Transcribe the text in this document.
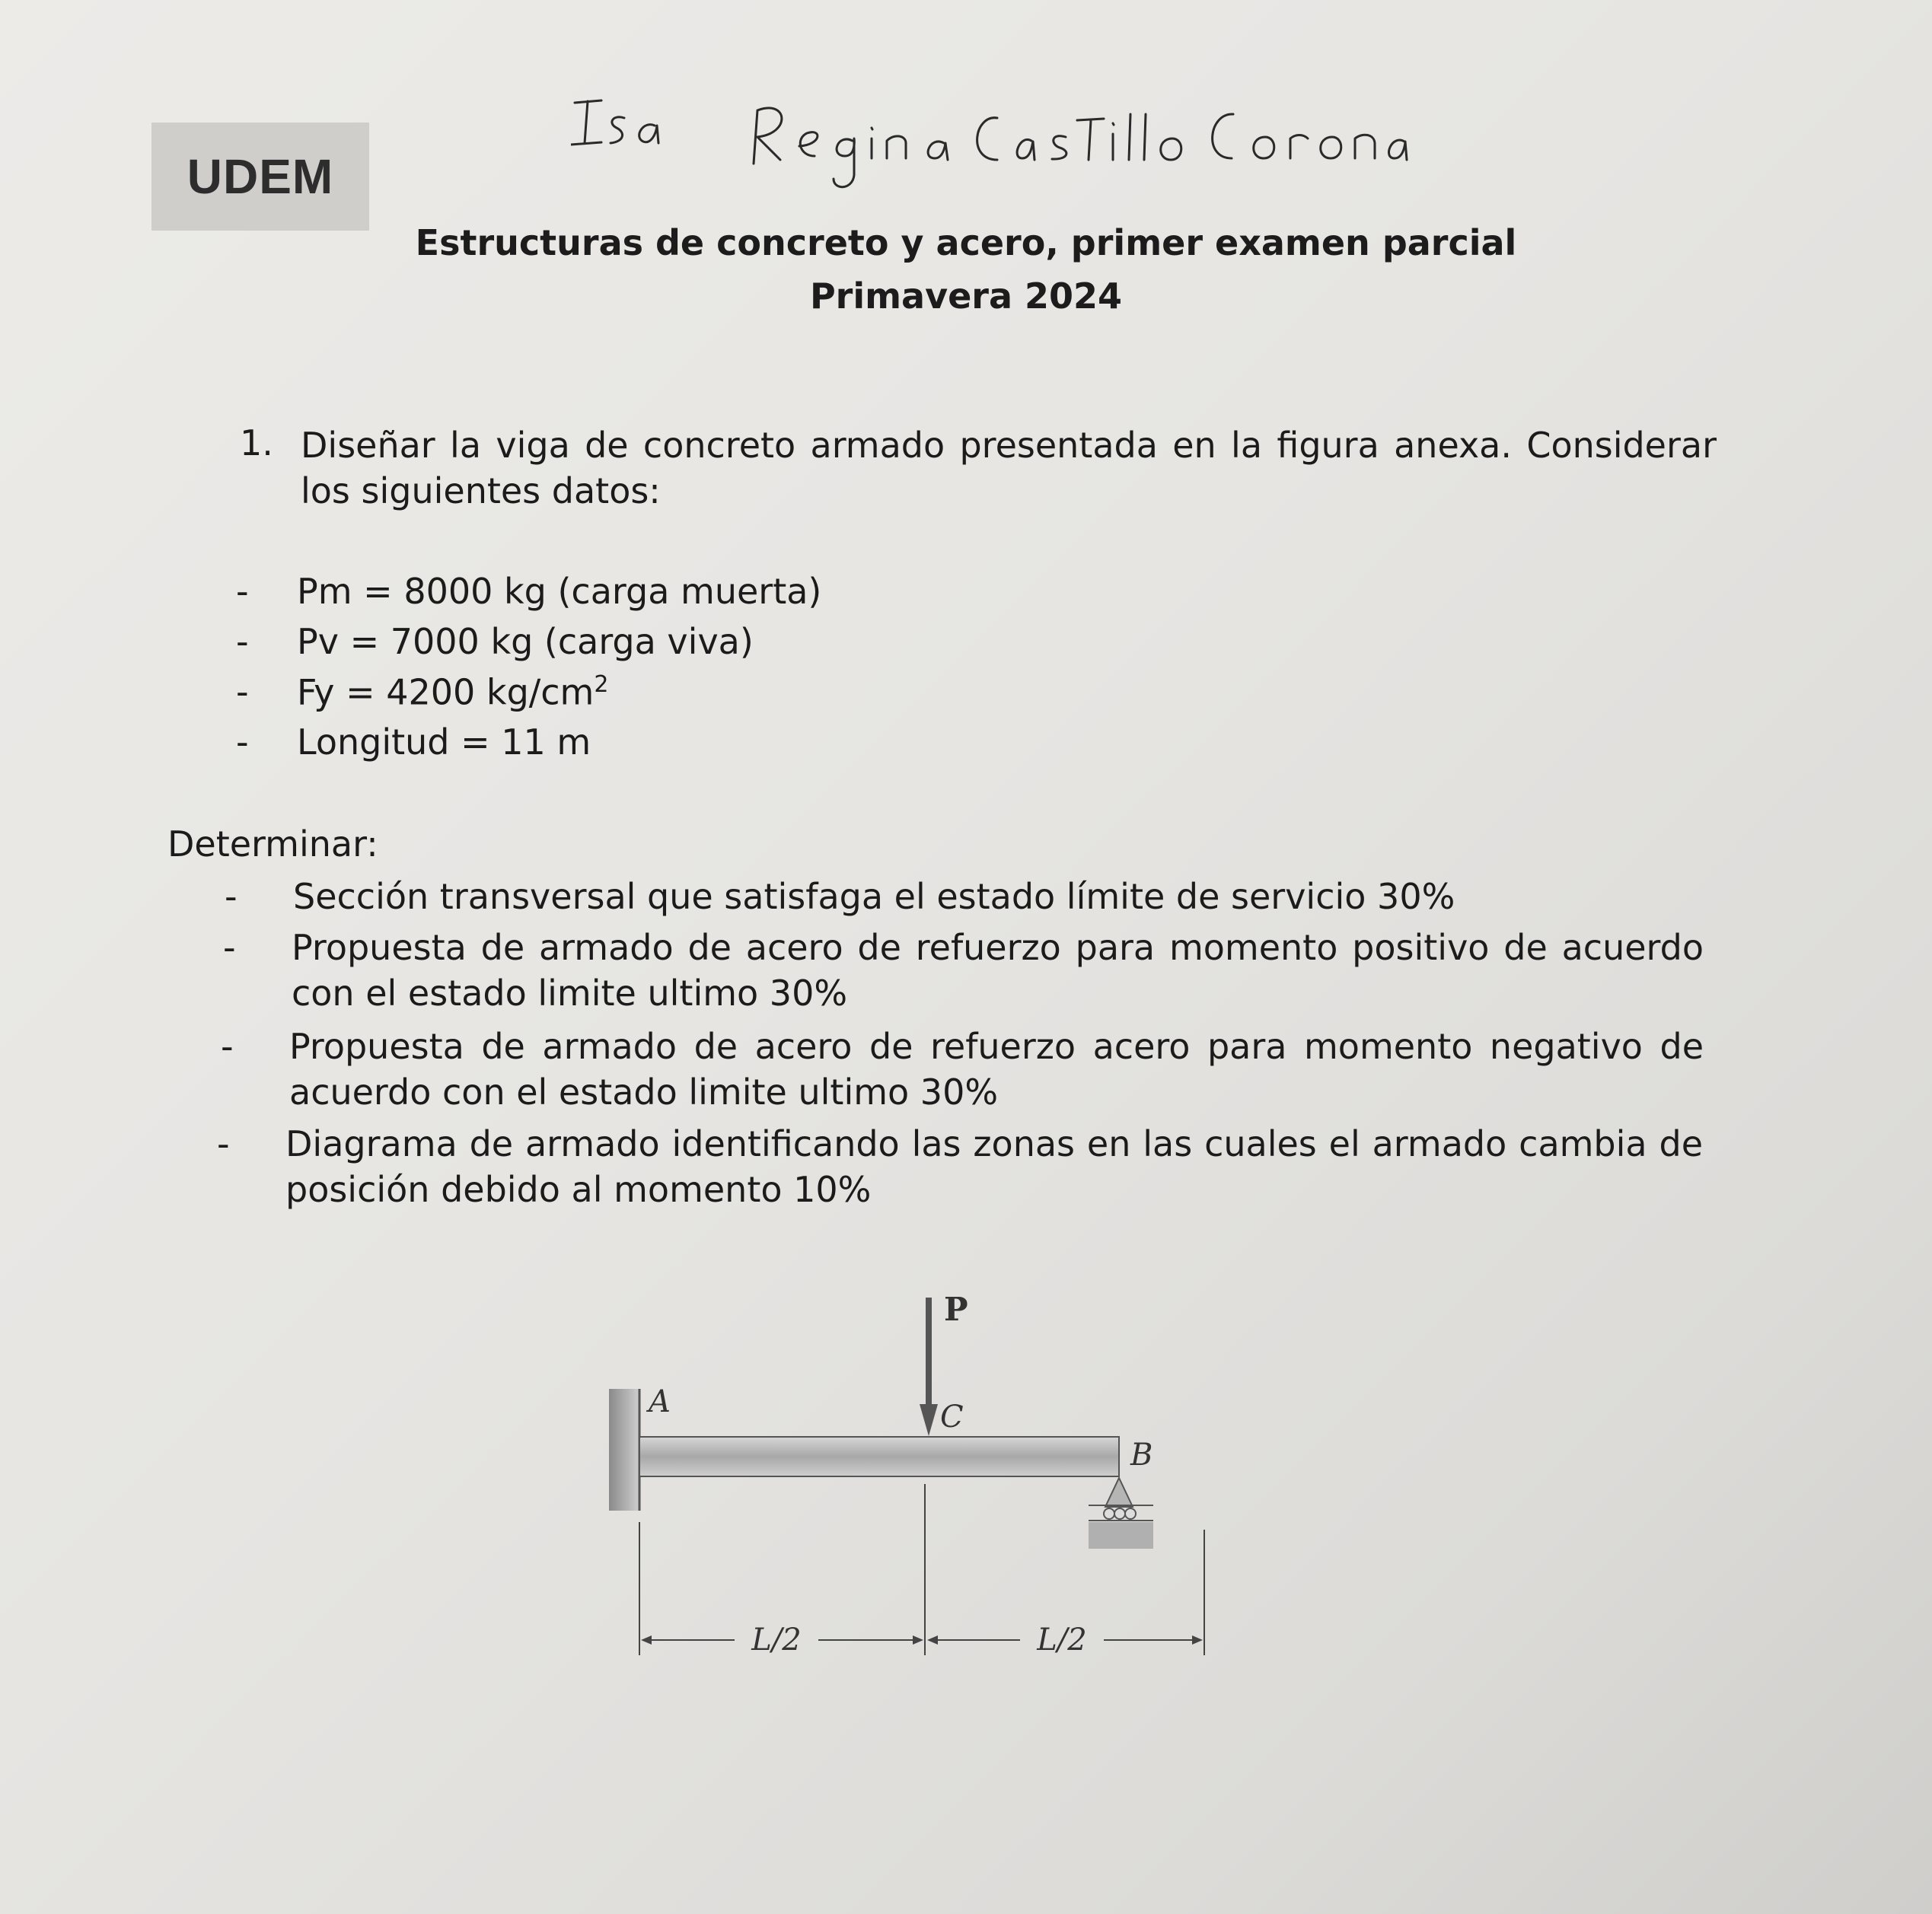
UDEM
Estructuras de concreto y acero, primer examen parcial
Primavera 2024
1. Diseñar la viga de concreto armado presentada en la figura anexa. Considerar los siguientes datos:
- Pm = 8000 kg (carga muerta)
- Pv = 7000 kg (carga viva)
- Fy = 4200 $kg/cm^2$
- Longitud = 11 m
Determinar:
- Sección transversal que satisfaga el estado límite de servicio 30%
- Propuesta de armado de acero de refuerzo para momento positivo de acuerdo con el estado limite ultimo 30%
- Propuesta de armado de acero de refuerzo acero para momento negativo de acuerdo con el estado limite ultimo 30%
- Diagrama de armado identificando las zonas en las cuales el armado cambia de posición debido al momento 10%
P
A	C
B
L/2	L/2
